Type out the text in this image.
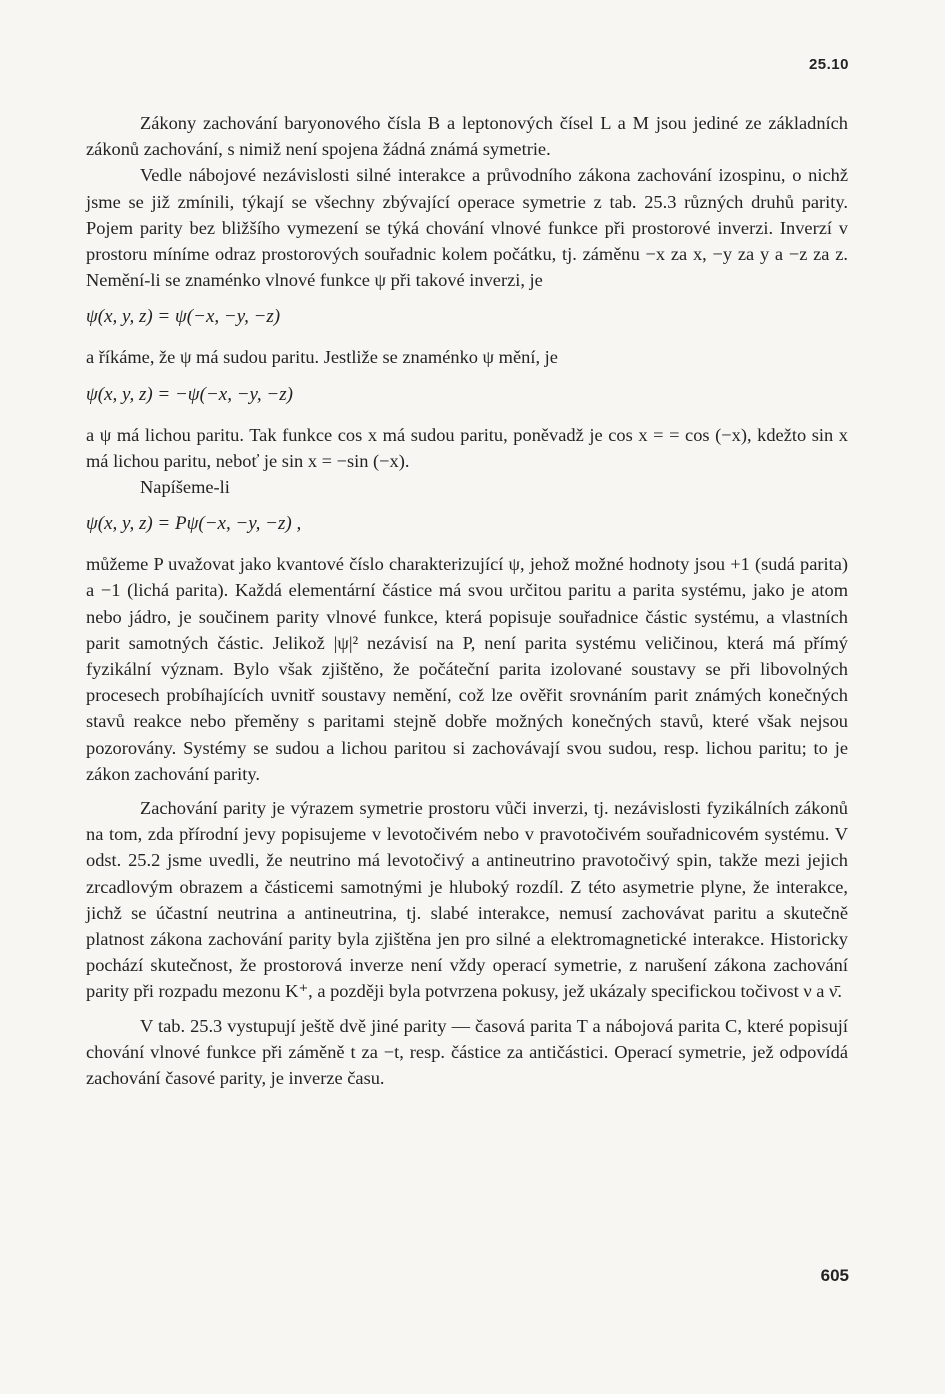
25.10

Zákony zachování baryonového čísla B a leptonových čísel L a M jsou jediné ze základních zákonů zachování, s nimiž není spojena žádná známá symetrie.

Vedle nábojové nezávislosti silné interakce a průvodního zákona zachování izospinu, o nichž jsme se již zmínili, týkají se všechny zbývající operace symetrie z tab. 25.3 různých druhů parity. Pojem parity bez bližšího vymezení se týká chování vlnové funkce při prostorové inverzi. Inverzí v prostoru míníme odraz prostorových souřadnic kolem počátku, tj. záměnu −x za x, −y za y a −z za z. Nemění-li se znaménko vlnové funkce ψ při takové inverzi, je

ψ(x, y, z) = ψ(−x, −y, −z)

a říkáme, že ψ má sudou paritu. Jestliže se znaménko ψ mění, je

ψ(x, y, z) = −ψ(−x, −y, −z)

a ψ má lichou paritu. Tak funkce cos x má sudou paritu, poněvadž je cos x = = cos (−x), kdežto sin x má lichou paritu, neboť je sin x = −sin (−x).

Napíšeme-li

ψ(x, y, z) = Pψ(−x, −y, −z) ,

můžeme P uvažovat jako kvantové číslo charakterizující ψ, jehož možné hodnoty jsou +1 (sudá parita) a −1 (lichá parita). Každá elementární částice má svou určitou paritu a parita systému, jako je atom nebo jádro, je součinem parity vlnové funkce, která popisuje souřadnice částic systému, a vlastních parit samotných částic. Jelikož |ψ|² nezávisí na P, není parita systému veličinou, která má přímý fyzikální význam. Bylo však zjištěno, že počáteční parita izolované soustavy se při libovolných procesech probíhajících uvnitř soustavy nemění, což lze ověřit srovnáním parit známých konečných stavů reakce nebo přeměny s paritami stejně dobře možných konečných stavů, které však nejsou pozorovány. Systémy se sudou a lichou paritou si zachovávají svou sudou, resp. lichou paritu; to je zákon zachování parity.

Zachování parity je výrazem symetrie prostoru vůči inverzi, tj. nezávislosti fyzikálních zákonů na tom, zda přírodní jevy popisujeme v levotočivém nebo v pravotočivém souřadnicovém systému. V odst. 25.2 jsme uvedli, že neutrino má levotočivý a antineutrino pravotočivý spin, takže mezi jejich zrcadlovým obrazem a částicemi samotnými je hluboký rozdíl. Z této asymetrie plyne, že interakce, jichž se účastní neutrina a antineutrina, tj. slabé interakce, nemusí zachovávat paritu a skutečně platnost zákona zachování parity byla zjištěna jen pro silné a elektromagnetické interakce. Historicky pochází skutečnost, že prostorová inverze není vždy operací symetrie, z narušení zákona zachování parity při rozpadu mezonu K⁺, a později byla potvrzena pokusy, jež ukázaly specifickou točivost ν a ν̄.

V tab. 25.3 vystupují ještě dvě jiné parity — časová parita T a nábojová parita C, které popisují chování vlnové funkce při záměně t za −t, resp. částice za antičástici. Operací symetrie, jež odpovídá zachování časové parity, je inverze času.

605
